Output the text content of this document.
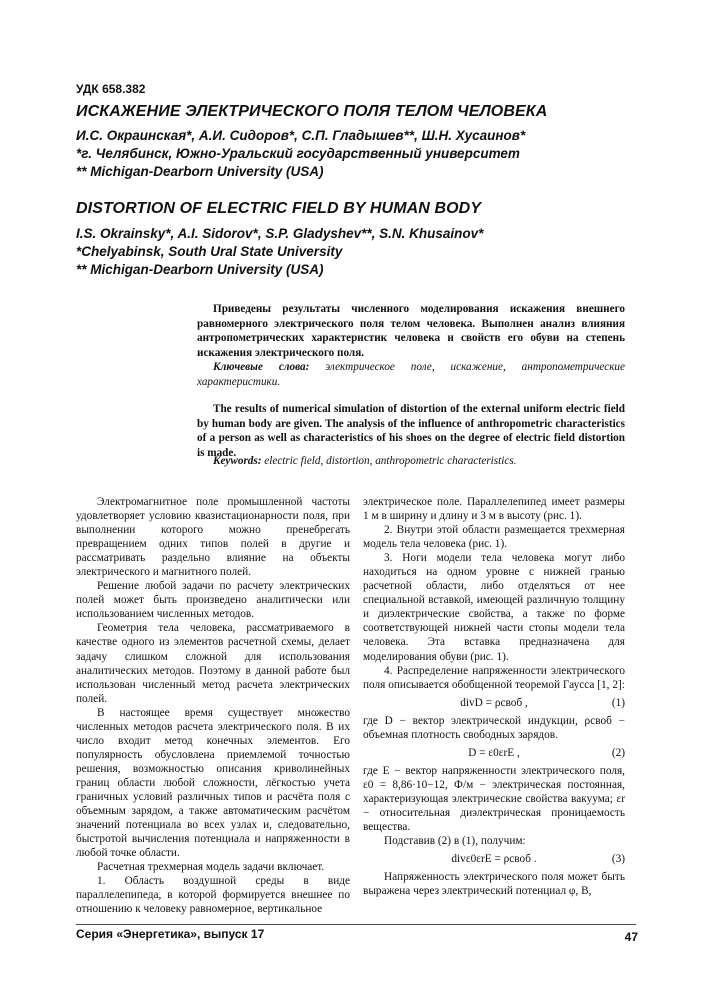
УДК 658.382
ИСКАЖЕНИЕ ЭЛЕКТРИЧЕСКОГО ПОЛЯ ТЕЛОМ ЧЕЛОВЕКА
И.С. Окраинская*, А.И. Сидоров*, С.П. Гладышев**, Ш.Н. Хусаинов*
*г. Челябинск, Южно-Уральский государственный университет
** Michigan-Dearborn University (USA)
DISTORTION OF ELECTRIC FIELD BY HUMAN BODY
I.S. Okrainsky*, A.I. Sidorov*, S.P. Gladyshev**, S.N. Khusainov*
*Chelyabinsk, South Ural State University
** Michigan-Dearborn University (USA)
Приведены результаты численного моделирования искажения внешнего равномерного электрического поля телом человека. Выполнен анализ влияния антропометрических характеристик человека и свойств его обуви на степень искажения электрического поля.
Ключевые слова: электрическое поле, искажение, антропометрические характеристики.
The results of numerical simulation of distortion of the external uniform electric field by human body are given. The analysis of the influence of anthropometric characteristics of a person as well as characteristics of his shoes on the degree of electric field distortion is made.
Keywords: electric field, distortion, anthropometric characteristics.

Электромагнитное поле промышленной частоты удовлетворяет условию квазистационарности поля, при выполнении которого можно пренебрегать превращением одних типов полей в другие и рассматривать раздельно влияние на объекты электрического и магнитного полей.

Решение любой задачи по расчету электрических полей может быть произведено аналитически или использованием численных методов.

Геометрия тела человека, рассматриваемого в качестве одного из элементов расчетной схемы, делает задачу слишком сложной для использования аналитических методов. Поэтому в данной работе был использован численный метод расчета электрических полей.

В настоящее время существует множество численных методов расчета электрического поля. В их число входит метод конечных элементов. Его популярность обусловлена приемлемой точностью решения, возможностью описания криволинейных границ области любой сложности, лёгкостью учета граничных условий различных типов и расчёта поля с объемным зарядом, а также автоматическим расчётом значений потенциала во всех узлах и, следовательно, быстротой вычисления потенциала и напряженности в любой точке области.

Расчетная трехмерная модель задачи включает.

1. Область воздушной среды в виде параллелепипеда, в которой формируется внешнее по отношению к человеку равномерное, вертикальное

электрическое поле. Параллелепипед имеет размеры 1 м в ширину и длину и 3 м в высоту (рис. 1).

2. Внутри этой области размещается трехмерная модель тела человека (рис. 1).

3. Ноги модели тела человека могут либо находиться на одном уровне с нижней гранью расчетной области, либо отделяться от нее специальной вставкой, имеющей различную толщину и диэлектрические свойства, а также по форме соответствующей нижней части стопы модели тела человека. Эта вставка предназначена для моделирования обуви (рис. 1).

4. Распределение напряженности электрического поля описывается обобщенной теоремой Гаусса [1, 2]:

divD = ρсвоб ,	(1)

где D − вектор электрической индукции, ρсвоб − объемная плотность свободных зарядов.

D = ε0εrE ,	(2)

где E − вектор напряженности электрического поля, ε0 = 8,86·10−12, Ф/м − электрическая постоянная, характеризующая электрические свойства вакуума; εr − относительная диэлектрическая проницаемость вещества.

Подставив (2) в (1), получим:

divε0εrE = ρсвоб .	(3)

Напряженность электрического поля может быть выражена через электрический потенциал φ, В,

Серия «Энергетика», выпуск 17	47
